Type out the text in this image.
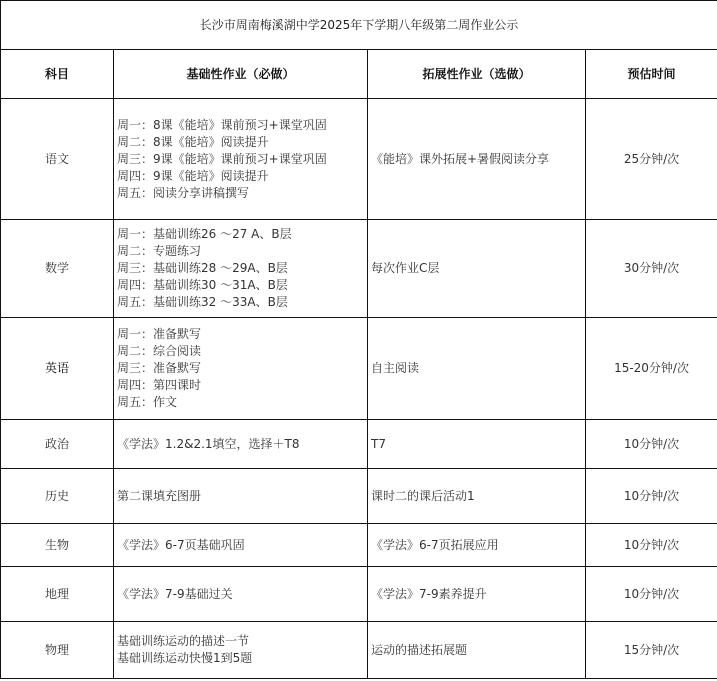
长沙市周南梅溪湖中学2025年下学期八年级第二周作业公示			
科目	基础性作业（必做）	拓展性作业（选做）	预估时间
语文	周一：8课《能培》课前预习+课堂巩固
周二：8课《能培》阅读提升
周三：9课《能培》课前预习+课堂巩固
周四：9课《能培》阅读提升
周五：阅读分享讲稿撰写	《能培》课外拓展+暑假阅读分享	25分钟/次
数学	周一：基础训练26 ～27 A、B层
周二：专题练习
周三：基础训练28 ～29A、B层
周四：基础训练30 ～31A、B层
周五：基础训练32 ～33A、B层	每次作业C层	30分钟/次
英语	周一：准备默写
周二：综合阅读
周三：准备默写
周四：第四课时
周五：作文	自主阅读	15-20分钟/次
政治	《学法》1.2&2.1填空，选择＋T8	T7	10分钟/次
历史	第二课填充图册	课时二的课后活动1	10分钟/次
生物	《学法》6-7页基础巩固	《学法》6-7页拓展应用	10分钟/次
地理	《学法》7-9基础过关	《学法》7-9素养提升	10分钟/次
物理	基础训练运动的描述一节
基础训练运动快慢1到5题	运动的描述拓展题	15分钟/次
